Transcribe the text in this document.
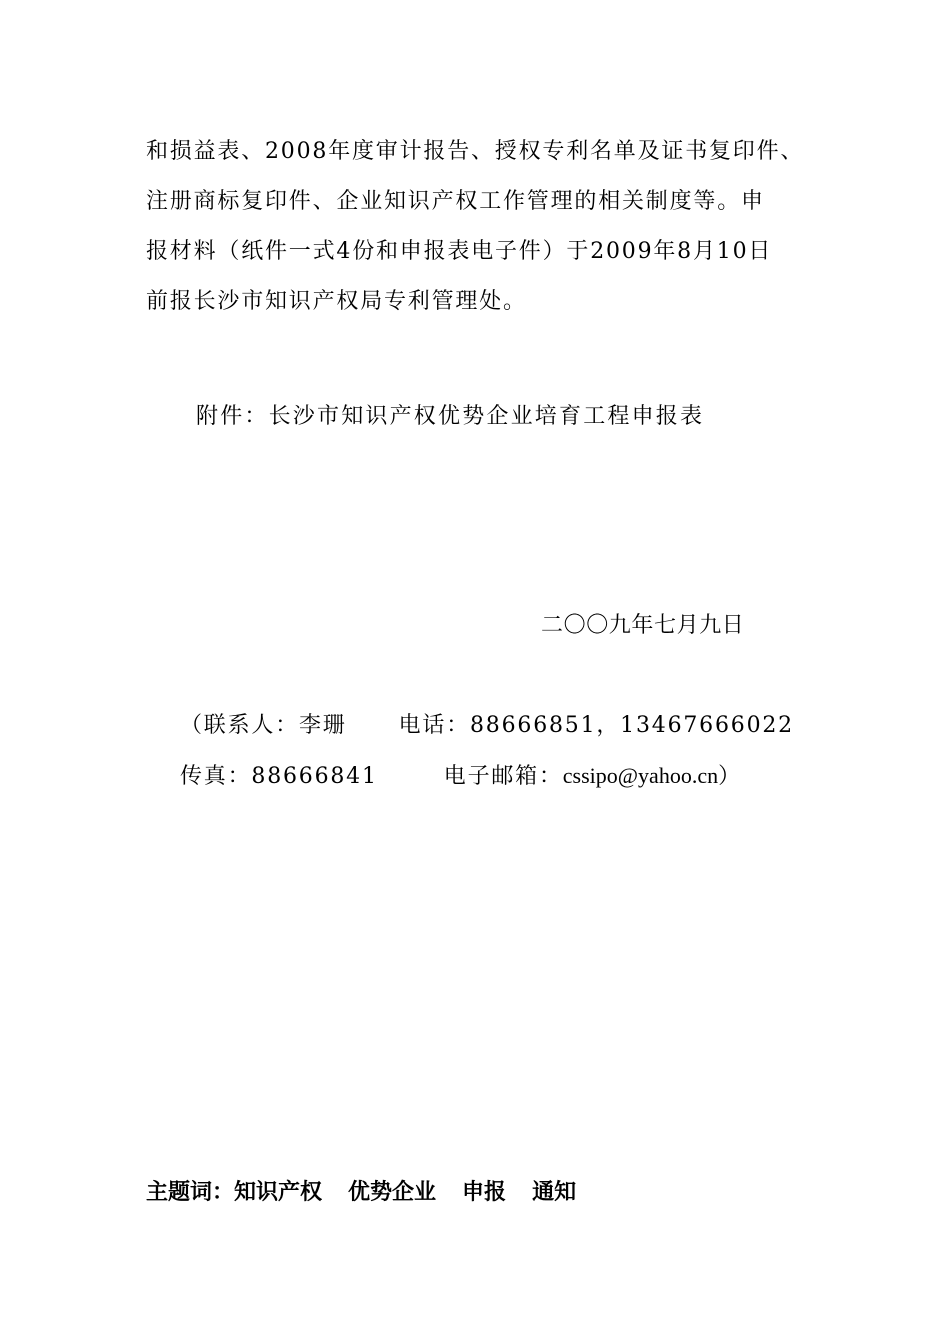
和损益表、2008年度审计报告、授权专利名单及证书复印件、
注册商标复印件、企业知识产权工作管理的相关制度等。申
报材料（纸件一式4份和申报表电子件）于2009年8月10日
前报长沙市知识产权局专利管理处。
附件：长沙市知识产权优势企业培育工程申报表
二〇〇九年七月九日
（联系人：李珊 电话：88666851，13467666022
传真：88666841	电子邮箱：cssipo@yahoo.cn）
主题词：知识产权 优势企业 申报 通知
